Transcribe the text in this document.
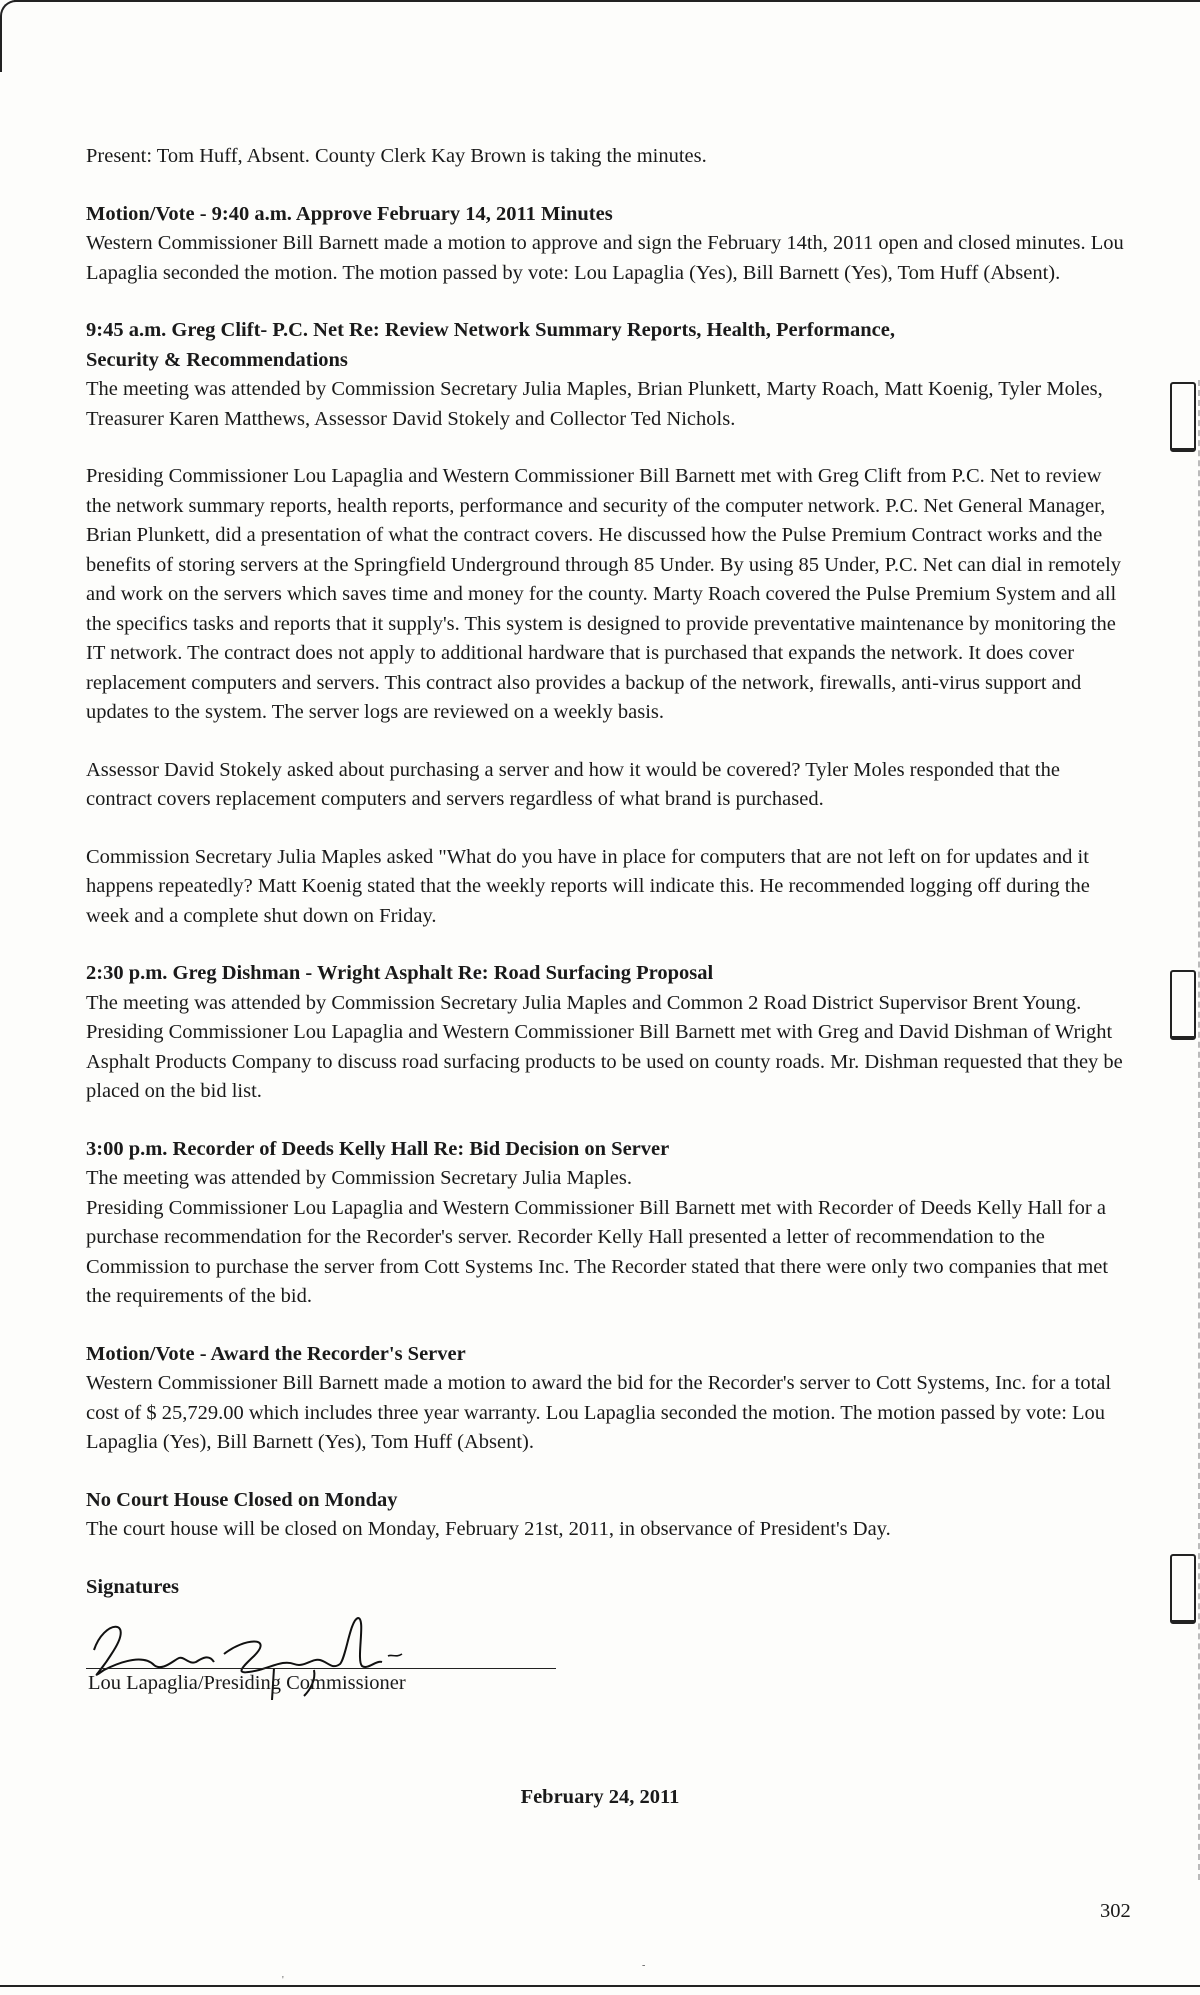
Present: Tom Huff, Absent. County Clerk Kay Brown is taking the minutes.

Motion/Vote - 9:40 a.m. Approve February 14, 2011 Minutes

Western Commissioner Bill Barnett made a motion to approve and sign the February 14th, 2011 open and closed minutes. Lou Lapaglia seconded the motion. The motion passed by vote: Lou Lapaglia (Yes), Bill Barnett (Yes), Tom Huff (Absent).

9:45 a.m. Greg Clift- P.C. Net Re: Review Network Summary Reports, Health, Performance, Security & Recommendations

The meeting was attended by Commission Secretary Julia Maples, Brian Plunkett, Marty Roach, Matt Koenig, Tyler Moles, Treasurer Karen Matthews, Assessor David Stokely and Collector Ted Nichols.

Presiding Commissioner Lou Lapaglia and Western Commissioner Bill Barnett met with Greg Clift from P.C. Net to review the network summary reports, health reports, performance and security of the computer network. P.C. Net General Manager, Brian Plunkett, did a presentation of what the contract covers. He discussed how the Pulse Premium Contract works and the benefits of storing servers at the Springfield Underground through 85 Under. By using 85 Under, P.C. Net can dial in remotely and work on the servers which saves time and money for the county. Marty Roach covered the Pulse Premium System and all the specifics tasks and reports that it supply's. This system is designed to provide preventative maintenance by monitoring the IT network. The contract does not apply to additional hardware that is purchased that expands the network. It does cover replacement computers and servers. This contract also provides a backup of the network, firewalls, anti-virus support and updates to the system. The server logs are reviewed on a weekly basis.

Assessor David Stokely asked about purchasing a server and how it would be covered? Tyler Moles responded that the contract covers replacement computers and servers regardless of what brand is purchased.

Commission Secretary Julia Maples asked "What do you have in place for computers that are not left on for updates and it happens repeatedly? Matt Koenig stated that the weekly reports will indicate this. He recommended logging off during the week and a complete shut down on Friday.

2:30 p.m. Greg Dishman - Wright Asphalt Re: Road Surfacing Proposal

The meeting was attended by Commission Secretary Julia Maples and Common 2 Road District Supervisor Brent Young.

Presiding Commissioner Lou Lapaglia and Western Commissioner Bill Barnett met with Greg and David Dishman of Wright Asphalt Products Company to discuss road surfacing products to be used on county roads. Mr. Dishman requested that they be placed on the bid list.

3:00 p.m. Recorder of Deeds Kelly Hall Re: Bid Decision on Server

The meeting was attended by Commission Secretary Julia Maples.

Presiding Commissioner Lou Lapaglia and Western Commissioner Bill Barnett met with Recorder of Deeds Kelly Hall for a purchase recommendation for the Recorder's server. Recorder Kelly Hall presented a letter of recommendation to the Commission to purchase the server from Cott Systems Inc. The Recorder stated that there were only two companies that met the requirements of the bid.

Motion/Vote - Award the Recorder's Server

Western Commissioner Bill Barnett made a motion to award the bid for the Recorder's server to Cott Systems, Inc. for a total cost of $ 25,729.00 which includes three year warranty. Lou Lapaglia seconded the motion. The motion passed by vote: Lou Lapaglia (Yes), Bill Barnett (Yes), Tom Huff (Absent).

No Court House Closed on Monday

The court house will be closed on Monday, February 21st, 2011, in observance of President's Day.

Signatures

Lou Lapaglia/Presiding Commissioner
February 24, 2011
302
-
'
